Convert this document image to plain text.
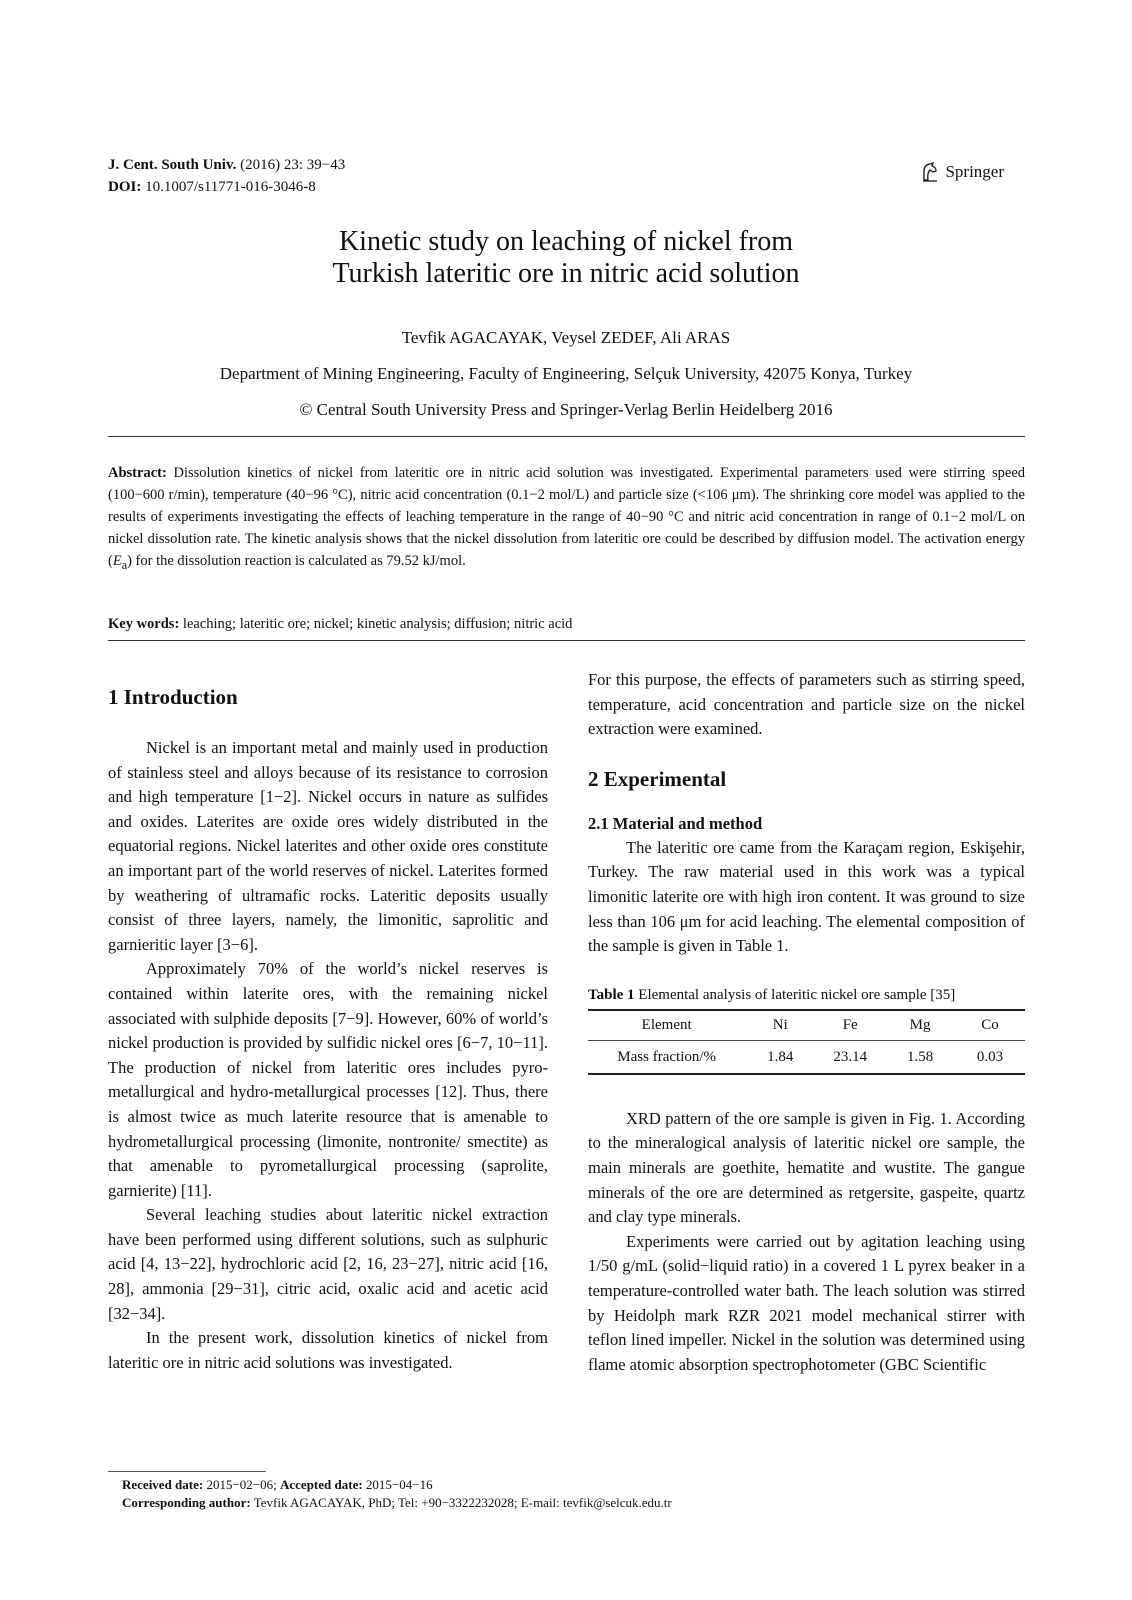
J. Cent. South Univ. (2016) 23: 39−43
DOI: 10.1007/s11771-016-3046-8
Springer
Kinetic study on leaching of nickel from
Turkish lateritic ore in nitric acid solution
Tevfik AGACAYAK, Veysel ZEDEF, Ali ARAS
Department of Mining Engineering, Faculty of Engineering, Selçuk University, 42075 Konya, Turkey
© Central South University Press and Springer-Verlag Berlin Heidelberg 2016
Abstract: Dissolution kinetics of nickel from lateritic ore in nitric acid solution was investigated. Experimental parameters used were stirring speed (100−600 r/min), temperature (40−96 °C), nitric acid concentration (0.1−2 mol/L) and particle size (<106 μm). The shrinking core model was applied to the results of experiments investigating the effects of leaching temperature in the range of 40−90 °C and nitric acid concentration in range of 0.1−2 mol/L on nickel dissolution rate. The kinetic analysis shows that the nickel dissolution from lateritic ore could be described by diffusion model. The activation energy $(E_a)$ for the dissolution reaction is calculated as 79.52 kJ/mol.
Key words: leaching; lateritic ore; nickel; kinetic analysis; diffusion; nitric acid
1 Introduction

Nickel is an important metal and mainly used in production of stainless steel and alloys because of its resistance to corrosion and high temperature [1−2]. Nickel occurs in nature as sulfides and oxides. Laterites are oxide ores widely distributed in the equatorial regions. Nickel laterites and other oxide ores constitute an important part of the world reserves of nickel. Laterites formed by weathering of ultramafic rocks. Lateritic deposits usually consist of three layers, namely, the limonitic, saprolitic and garnieritic layer [3−6].

Approximately 70% of the world’s nickel reserves is contained within laterite ores, with the remaining nickel associated with sulphide deposits [7−9]. However, 60% of world’s nickel production is provided by sulfidic nickel ores [6−7, 10−11]. The production of nickel from lateritic ores includes pyro-metallurgical and hydro-metallurgical processes [12]. Thus, there is almost twice as much laterite resource that is amenable to hydrometallurgical processing (limonite, nontronite/ smectite) as that amenable to pyrometallurgical processing (saprolite, garnierite) [11].

Several leaching studies about lateritic nickel extraction have been performed using different solutions, such as sulphuric acid [4, 13−22], hydrochloric acid [2, 16, 23−27], nitric acid [16, 28], ammonia [29−31], citric acid, oxalic acid and acetic acid [32−34].

In the present work, dissolution kinetics of nickel from lateritic ore in nitric acid solutions was investigated.

For this purpose, the effects of parameters such as stirring speed, temperature, acid concentration and particle size on the nickel extraction were examined.

2 Experimental
2.1 Material and method

The lateritic ore came from the Karaçam region, Eskişehir, Turkey. The raw material used in this work was a typical limonitic laterite ore with high iron content. It was ground to size less than 106 μm for acid leaching. The elemental composition of the sample is given in Table 1.

Table 1 Elemental analysis of lateritic nickel ore sample [35]
Element	Ni	Fe	Mg	Co
Mass fraction/%	1.84	23.14	1.58	0.03

XRD pattern of the ore sample is given in Fig. 1. According to the mineralogical analysis of lateritic nickel ore sample, the main minerals are goethite, hematite and wustite. The gangue minerals of the ore are determined as retgersite, gaspeite, quartz and clay type minerals.

Experiments were carried out by agitation leaching using 1/50 g/mL (solid−liquid ratio) in a covered 1 L pyrex beaker in a temperature-controlled water bath. The leach solution was stirred by Heidolph mark RZR 2021 model mechanical stirrer with teflon lined impeller. Nickel in the solution was determined using flame atomic absorption spectrophotometer (GBC Scientific

Received date: 2015−02−06; Accepted date: 2015−04−16
Corresponding author: Tevfik AGACAYAK, PhD; Tel: +90−3322232028; E-mail: tevfik@selcuk.edu.tr
